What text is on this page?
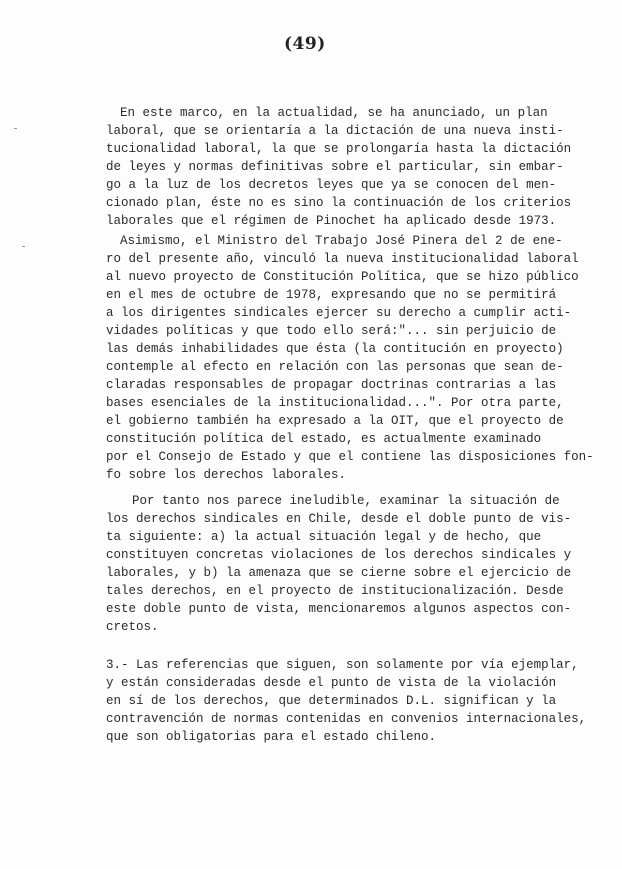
(49)

En este marco, en la actualidad, se ha anunciado, un plan

laboral, que se orientaría a la dictación de una nueva insti-

tucionalidad laboral, la que se prolongaría hasta la dictación

de leyes y normas definitivas sobre el particular, sin embar-

go a la luz de los decretos leyes que ya se conocen del men-

cionado plan, éste no es sino la continuación de los criterios

laborales que el régimen de Pinochet ha aplicado desde 1973.

Asimismo, el Ministro del Trabajo José Pinera del 2 de ene-

ro del presente año, vinculó la nueva institucionalidad laboral

al nuevo proyecto de Constitución Política, que se hizo público

en el mes de octubre de 1978, expresando que no se permitirá

a los dirigentes sindicales ejercer su derecho a cumplir acti-

vidades políticas y que todo ello será:"... sin perjuicio de

las demás inhabilidades que ésta (la contitución en proyecto)

contemple al efecto en relación con las personas que sean de-

claradas responsables de propagar doctrinas contrarias a las

bases esenciales de la institucionalidad...". Por otra parte,

el gobierno también ha expresado a la OIT, que el proyecto de

constitución política del estado, es actualmente examinado

por el Consejo de Estado y que el contiene las disposiciones fon-

fo sobre los derechos laborales.

Por tanto nos parece ineludible, examinar la situación de

los derechos sindicales en Chile, desde el doble punto de vis-

ta siguiente: a) la actual situación legal y de hecho, que

constituyen concretas violaciones de los derechos sindicales y

laborales, y b) la amenaza que se cierne sobre el ejercicio de

tales derechos, en el proyecto de institucionalización. Desde

este doble punto de vista, mencionaremos algunos aspectos con-

cretos.

3.- Las referencias que siguen, son solamente por vía ejemplar,

y están consideradas desde el punto de vista de la violación

en sí de los derechos, que determinados D.L. significan y la

contravención de normas contenidas en convenios internacionales,

que son obligatorias para el estado chileno.
